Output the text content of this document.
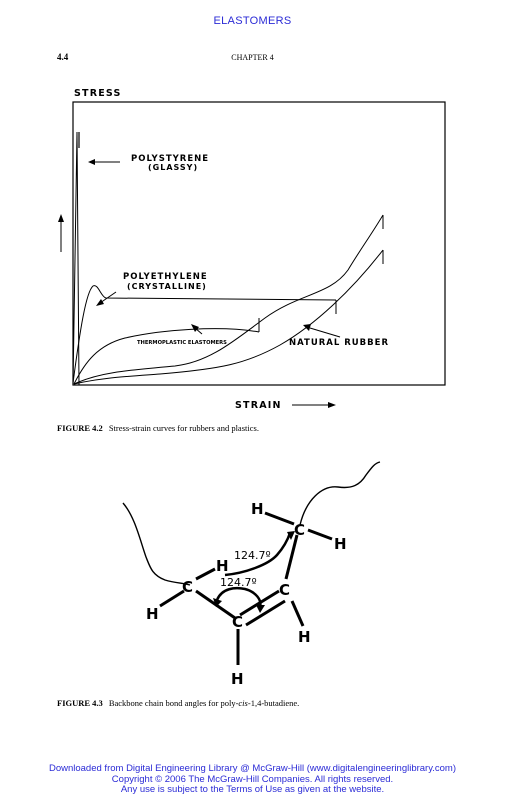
ELASTOMERS
4.4	CHAPTER 4
STRESS
POLYSTYRENE
(GLASSY)
POLYETHYLENE
(CRYSTALLINE)
THERMOPLASTIC ELASTOMERS	NATURAL RUBBER
STRAIN
FIGURE 4.2 Stress-strain curves for rubbers and plastics.
C
C	C
C
H
H
H
H
H
H
124.7º
124.7º
FIGURE 4.3 Backbone chain bond angles for poly-cis-1,4-butadiene.
Downloaded from Digital Engineering Library @ McGraw-Hill (www.digitalengineeringlibrary.com)
Copyright © 2006 The McGraw-Hill Companies. All rights reserved.
Any use is subject to the Terms of Use as given at the website.
